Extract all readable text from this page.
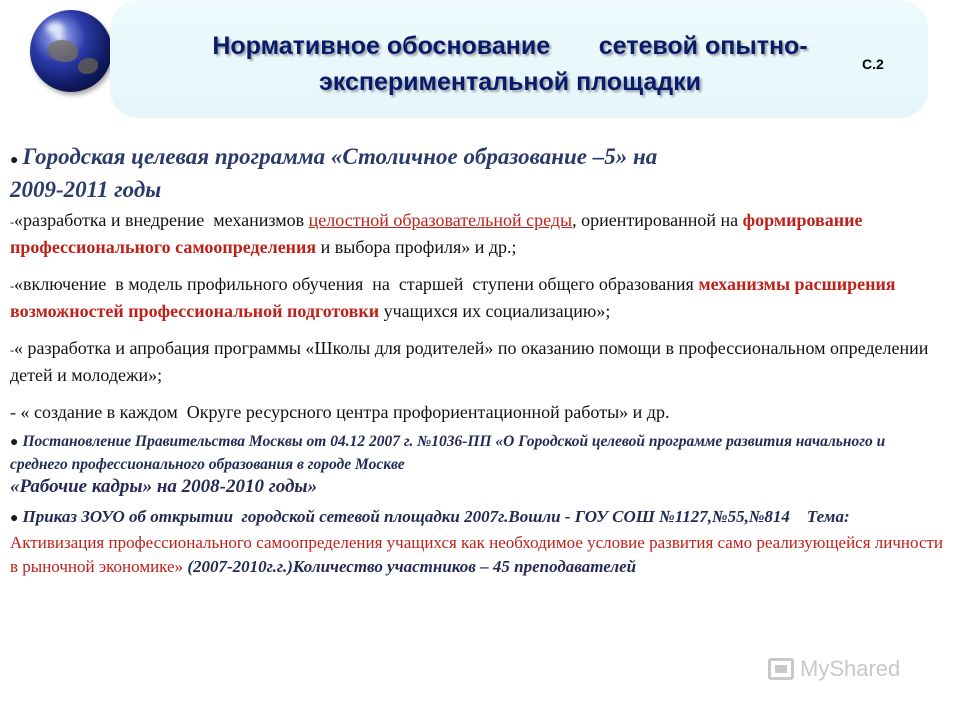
Нормативное обоснование       сетевой опытно-
экспериментальной площадки
С.2
● Городская целевая программа «Столичное образование –5» на
2009-2011 годы
-«разработка и внедрение  механизмов целостной образовательной среды, ориентированной на формирование  профессионального самоопределения и выбора профиля» и др.;
-«включение  в модель профильного обучения  на  старшей  ступени общего образования механизмы расширения  возможностей профессиональной подготовки учащихся их социализацию»;
-« разработка и апробация программы «Школы для родителей» по оказанию помощи в профессиональном определении детей и молодежи»;
- « создание в каждом  Округе ресурсного центра профориентационной работы» и др.
● Постановление Правительства Москвы от 04.12 2007 г. №1036-ПП «О Городской целевой программе развития начального и среднего профессионального образования в городе Москве
«Рабочие кадры» на 2008-2010 годы»
● Приказ ЗОУО об открытии  городской сетевой площадки 2007г.Вошли - ГОУ СОШ №1127,№55,№814    Тема: Активизация профессионального самоопределения учащихся как необходимое условие развития само реализующейся личности в рыночной экономике» (2007-2010г.г.)Количество участников – 45 преподавателей
MyShared
